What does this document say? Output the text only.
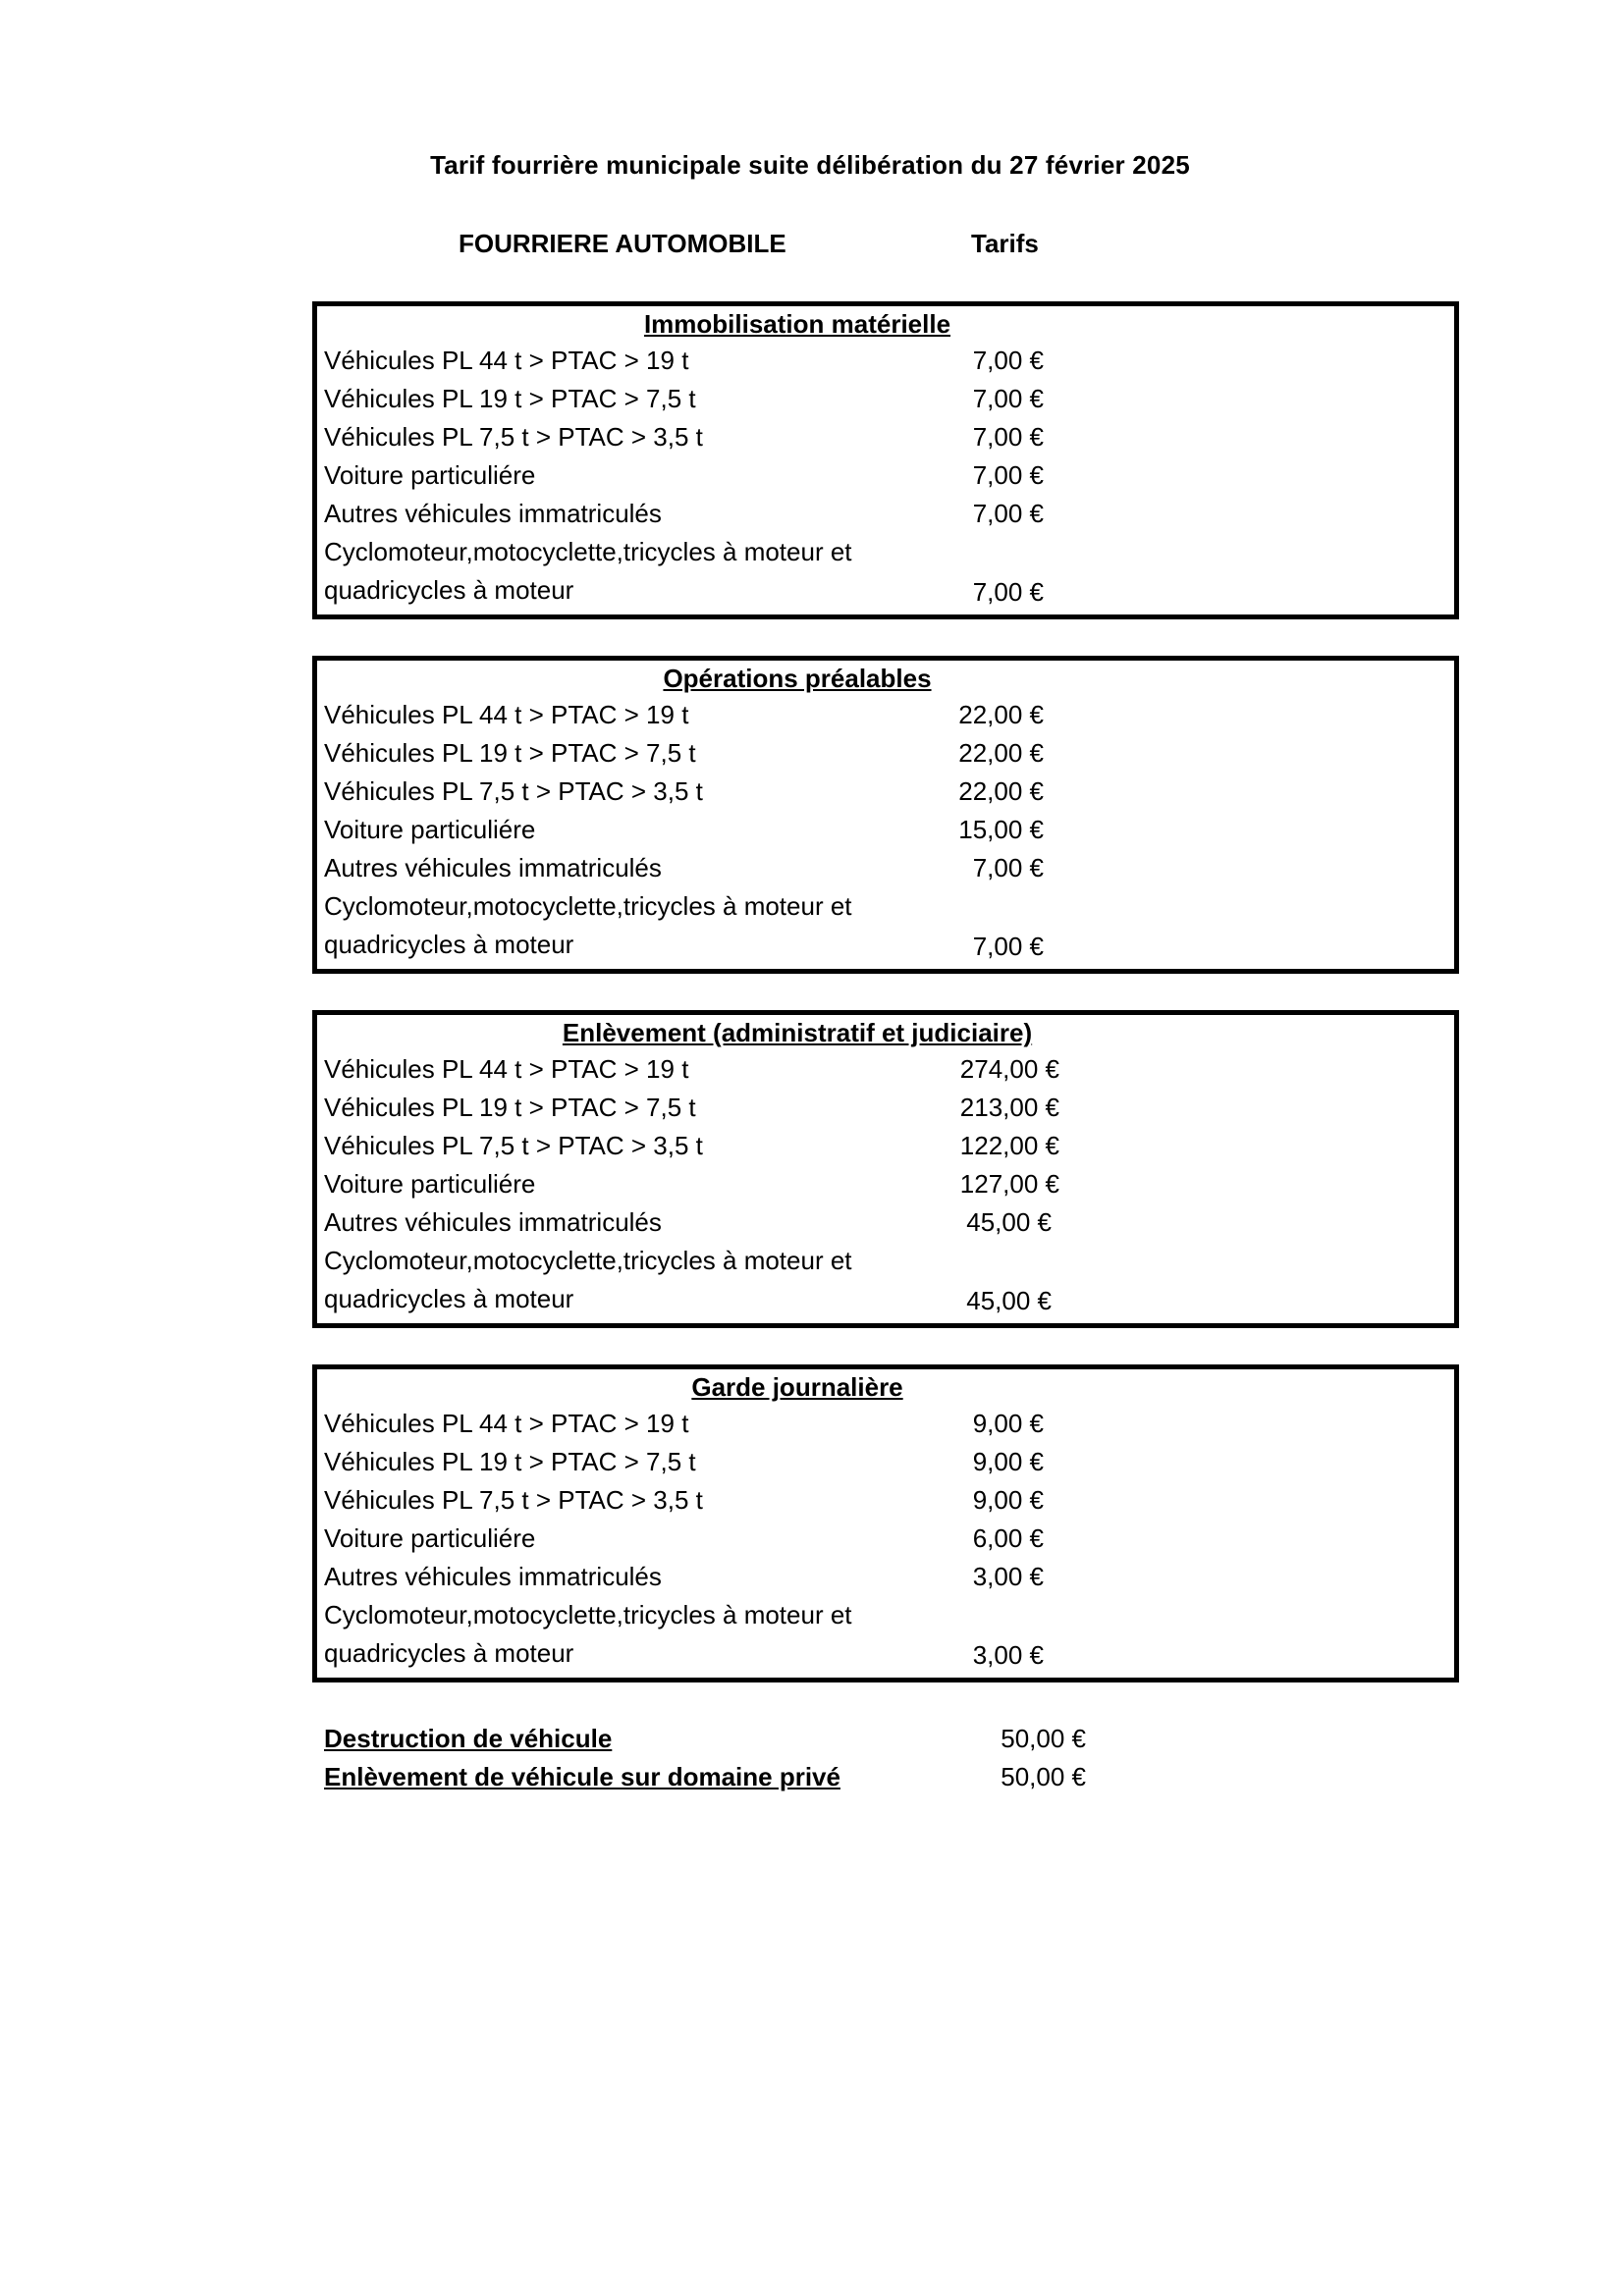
Tarif fourrière municipale suite délibération du 27 février 2025
FOURRIERE AUTOMOBILE	Tarifs
Immobilisation matérielle
Véhicules PL 44 t > PTAC > 19 t	7,00 €
Véhicules PL 19 t > PTAC > 7,5 t	7,00 €
Véhicules PL 7,5 t > PTAC > 3,5 t	7,00 €
Voiture particuliére	7,00 €
Autres véhicules immatriculés	7,00 €
Cyclomoteur,motocyclette,tricycles à moteur et quadricycles à moteur	7,00 €
Opérations préalables
Véhicules PL 44 t > PTAC > 19 t	22,00 €
Véhicules PL 19 t > PTAC > 7,5 t	22,00 €
Véhicules PL 7,5 t > PTAC > 3,5 t	22,00 €
Voiture particuliére	15,00 €
Autres véhicules immatriculés	7,00 €
Cyclomoteur,motocyclette,tricycles à moteur et quadricycles à moteur	7,00 €
Enlèvement (administratif et judiciaire)
Véhicules PL 44 t > PTAC > 19 t	274,00 €
Véhicules PL 19 t > PTAC > 7,5 t	213,00 €
Véhicules PL 7,5 t > PTAC > 3,5 t	122,00 €
Voiture particuliére	127,00 €
Autres véhicules immatriculés	45,00 €
Cyclomoteur,motocyclette,tricycles à moteur et quadricycles à moteur	45,00 €
Garde journalière
Véhicules PL 44 t > PTAC > 19 t	9,00 €
Véhicules PL 19 t > PTAC > 7,5 t	9,00 €
Véhicules PL 7,5 t > PTAC > 3,5 t	9,00 €
Voiture particuliére	6,00 €
Autres véhicules immatriculés	3,00 €
Cyclomoteur,motocyclette,tricycles à moteur et quadricycles à moteur	3,00 €
Destruction de véhicule	50,00 €
Enlèvement de véhicule sur domaine privé	50,00 €
